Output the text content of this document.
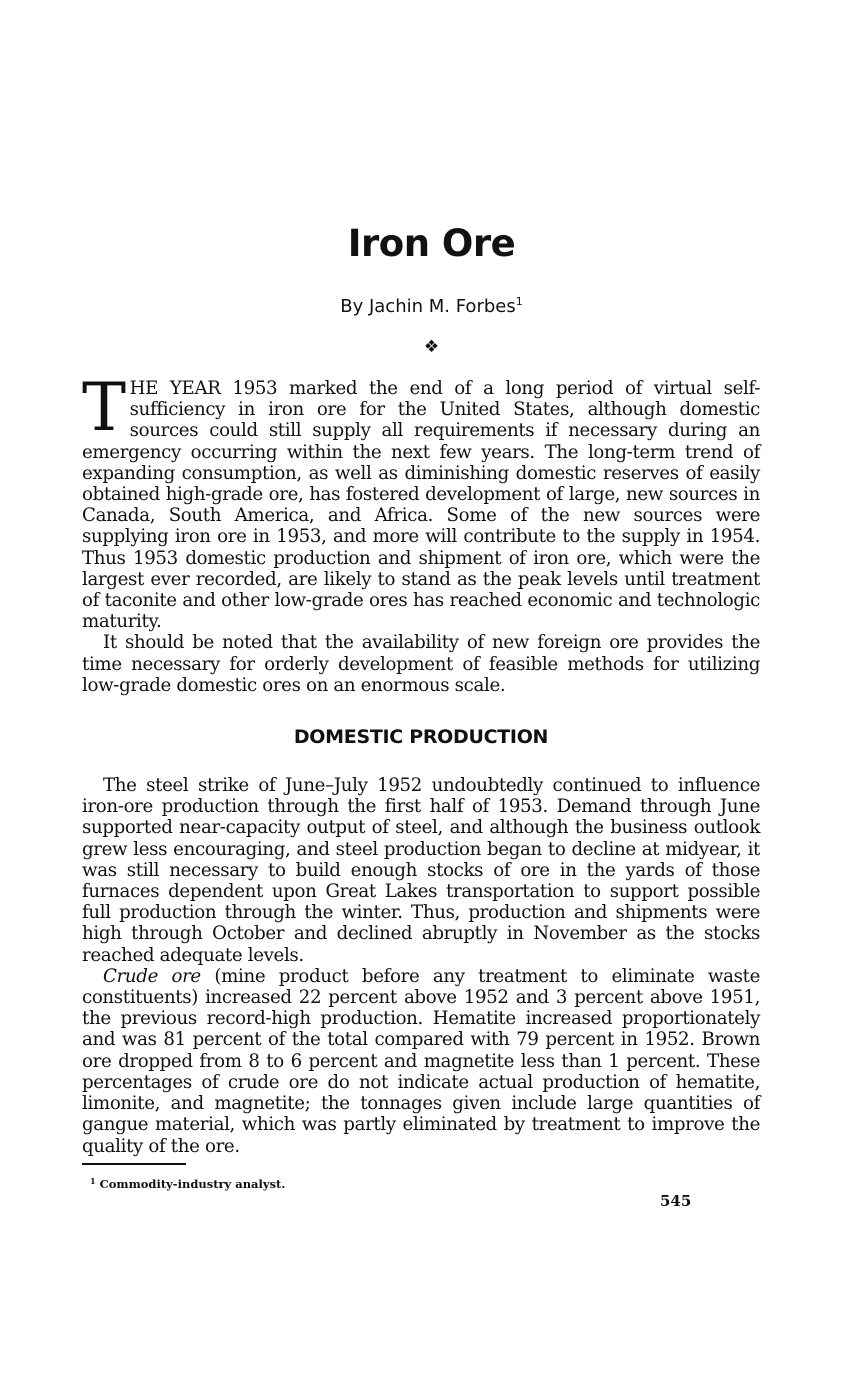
Iron Ore
By Jachin M. Forbes$^1$
❖

THE YEAR 1953 marked the end of a long period of virtual self-sufficiency in iron ore for the United States, although domestic sources could still supply all requirements if necessary during an emergency occurring within the next few years. The long-term trend of expanding consumption, as well as diminishing domestic reserves of easily obtained high-grade ore, has fostered development of large, new sources in Canada, South America, and Africa. Some of the new sources were supplying iron ore in 1953, and more will contribute to the supply in 1954. Thus 1953 domestic production and shipment of iron ore, which were the largest ever recorded, are likely to stand as the peak levels until treatment of taconite and other low-grade ores has reached economic and technologic maturity.

It should be noted that the availability of new foreign ore provides the time necessary for orderly development of feasible methods for utilizing low-grade domestic ores on an enormous scale.

DOMESTIC PRODUCTION

The steel strike of June–July 1952 undoubtedly continued to influence iron-ore production through the first half of 1953. Demand through June supported near-capacity output of steel, and although the business outlook grew less encouraging, and steel production began to decline at midyear, it was still necessary to build enough stocks of ore in the yards of those furnaces dependent upon Great Lakes transportation to support possible full production through the winter. Thus, production and shipments were high through October and declined abruptly in November as the stocks reached adequate levels.

Crude ore (mine product before any treatment to eliminate waste constituents) increased 22 percent above 1952 and 3 percent above 1951, the previous record-high production. Hematite increased proportionately and was 81 percent of the total compared with 79 percent in 1952. Brown ore dropped from 8 to 6 percent and magnetite less than 1 percent. These percentages of crude ore do not indicate actual production of hematite, limonite, and magnetite; the tonnages given include large quantities of gangue material, which was partly eliminated by treatment to improve the quality of the ore.

$^1$ Commodity-industry analyst.
545
